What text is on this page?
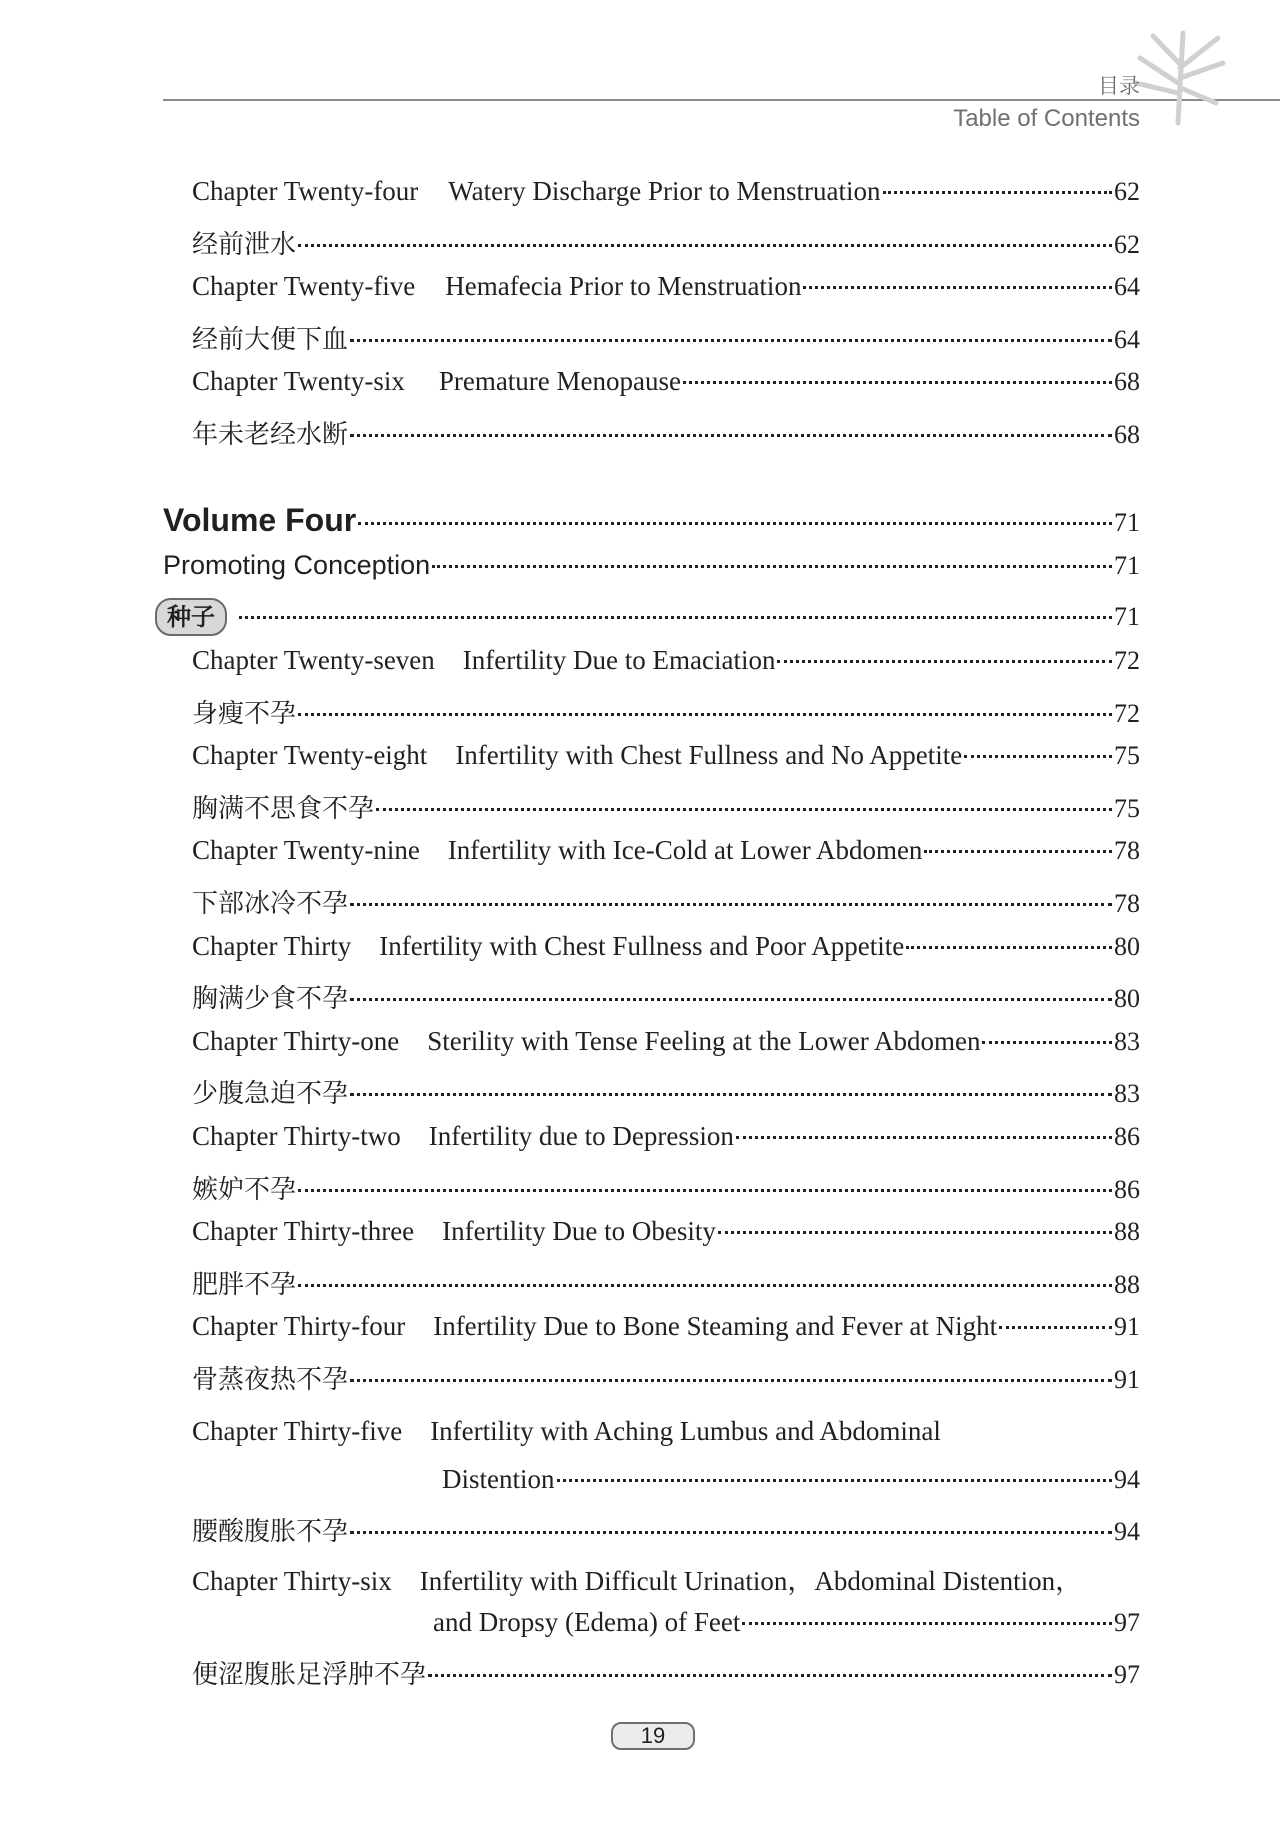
目录
Table of Contents
Chapter Twenty-four Watery Discharge Prior to Menstruation	62
经前泄水	62
Chapter Twenty-five Hemafecia Prior to Menstruation	64
经前大便下血	64
Chapter Twenty-six Premature Menopause	68
年未老经水断	68
Volume Four	71
Promoting Conception	71
种子	71
Chapter Twenty-seven Infertility Due to Emaciation	72
身瘦不孕	72
Chapter Twenty-eight Infertility with Chest Fullness and No Appetite	75
胸满不思食不孕	75
Chapter Twenty-nine Infertility with Ice-Cold at Lower Abdomen	78
下部冰冷不孕	78
Chapter Thirty Infertility with Chest Fullness and Poor Appetite	80
胸满少食不孕	80
Chapter Thirty-one Sterility with Tense Feeling at the Lower Abdomen	83
少腹急迫不孕	83
Chapter Thirty-two Infertility due to Depression	86
嫉妒不孕	86
Chapter Thirty-three Infertility Due to Obesity	88
肥胖不孕	88
Chapter Thirty-four Infertility Due to Bone Steaming and Fever at Night	91
骨蒸夜热不孕	91
Chapter Thirty-five Infertility with Aching Lumbus and Abdominal
Distention	94
腰酸腹胀不孕	94
Chapter Thirty-six Infertility with Difficult Urination，Abdominal Distention，
and Dropsy (Edema) of Feet	97
便涩腹胀足浮肿不孕	97
19
